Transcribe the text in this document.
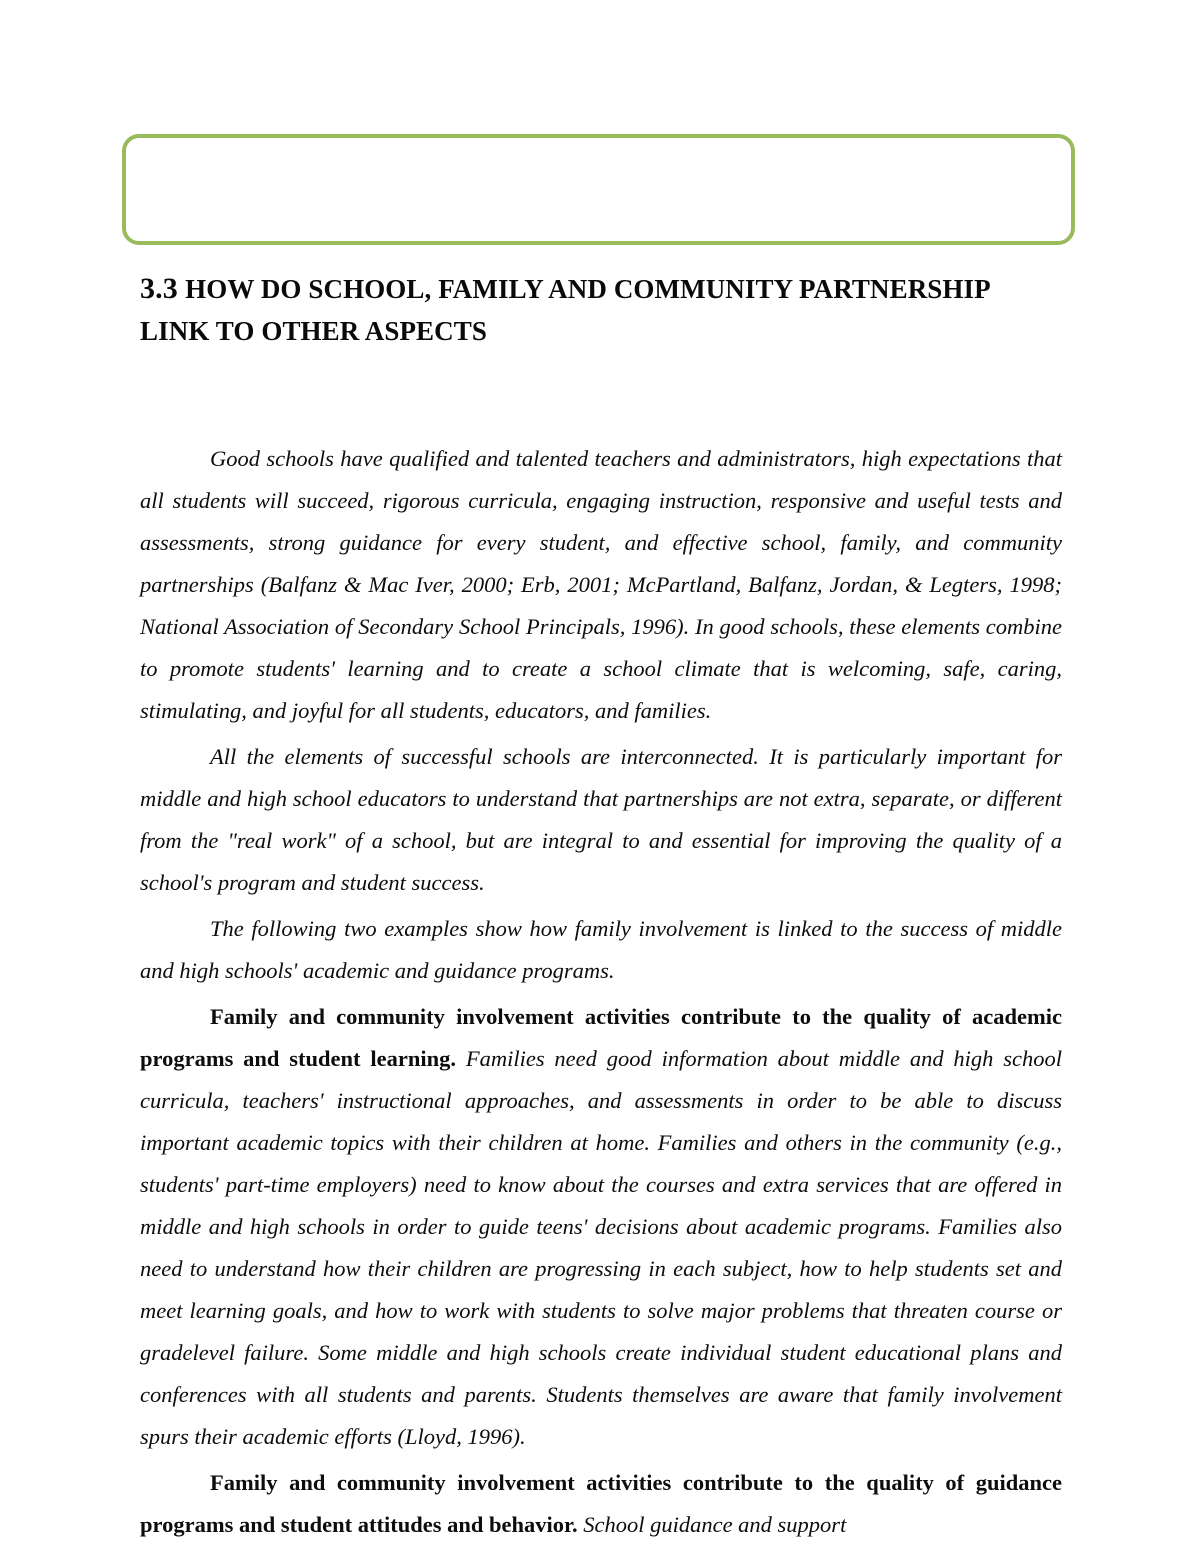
3.3 HOW DO SCHOOL, FAMILY AND COMMUNITY PARTNERSHIP LINK TO OTHER ASPECTS

Good schools have qualified and talented teachers and administrators, high expectations that all students will succeed, rigorous curricula, engaging instruction, responsive and useful tests and assessments, strong guidance for every student, and effective school, family, and community partnerships (Balfanz & Mac Iver, 2000; Erb, 2001; McPartland, Balfanz, Jordan, & Legters, 1998; National Association of Secondary School Principals, 1996). In good schools, these elements combine to promote students' learning and to create a school climate that is welcoming, safe, caring, stimulating, and joyful for all students, educators, and families.

All the elements of successful schools are interconnected. It is particularly important for middle and high school educators to understand that partnerships are not extra, separate, or different from the "real work" of a school, but are integral to and essential for improving the quality of a school's program and student success.

The following two examples show how family involvement is linked to the success of middle and high schools' academic and guidance programs.

Family and community involvement activities contribute to the quality of academic programs and student learning. Families need good information about middle and high school curricula, teachers' instructional approaches, and assessments in order to be able to discuss important academic topics with their children at home. Families and others in the community (e.g., students' part-time employers) need to know about the courses and extra services that are offered in middle and high schools in order to guide teens' decisions about academic programs. Families also need to understand how their children are progressing in each subject, how to help students set and meet learning goals, and how to work with students to solve major problems that threaten course or gradelevel failure. Some middle and high schools create individual student educational plans and conferences with all students and parents. Students themselves are aware that family involvement spurs their academic efforts (Lloyd, 1996).

Family and community involvement activities contribute to the quality of guidance programs and student attitudes and behavior. School guidance and support
